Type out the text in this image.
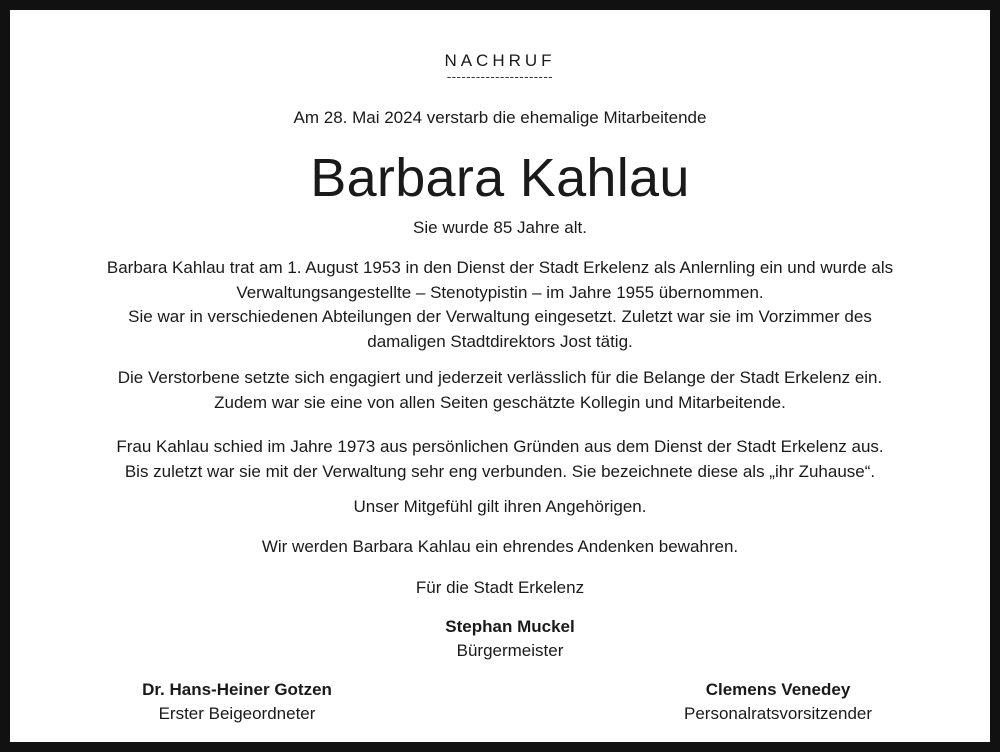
NACHRUF
----------------------
Am 28. Mai 2024 verstarb die ehemalige Mitarbeitende
Barbara Kahlau
Sie wurde 85 Jahre alt.
Barbara Kahlau trat am 1. August 1953 in den Dienst der Stadt Erkelenz als Anlernling ein und wurde als
Verwaltungsangestellte – Stenotypistin – im Jahre 1955 übernommen.
Sie war in verschiedenen Abteilungen der Verwaltung eingesetzt. Zuletzt war sie im Vorzimmer des
damaligen Stadtdirektors Jost tätig.
Die Verstorbene setzte sich engagiert und jederzeit verlässlich für die Belange der Stadt Erkelenz ein.
Zudem war sie eine von allen Seiten geschätzte Kollegin und Mitarbeitende.
Frau Kahlau schied im Jahre 1973 aus persönlichen Gründen aus dem Dienst der Stadt Erkelenz aus.
Bis zuletzt war sie mit der Verwaltung sehr eng verbunden. Sie bezeichnete diese als „ihr Zuhause“.
Unser Mitgefühl gilt ihren Angehörigen.
Wir werden Barbara Kahlau ein ehrendes Andenken bewahren.
Für die Stadt Erkelenz
Stephan Muckel
Bürgermeister
Dr. Hans-Heiner Gotzen
Erster Beigeordneter
Clemens Venedey
Personalratsvorsitzender
